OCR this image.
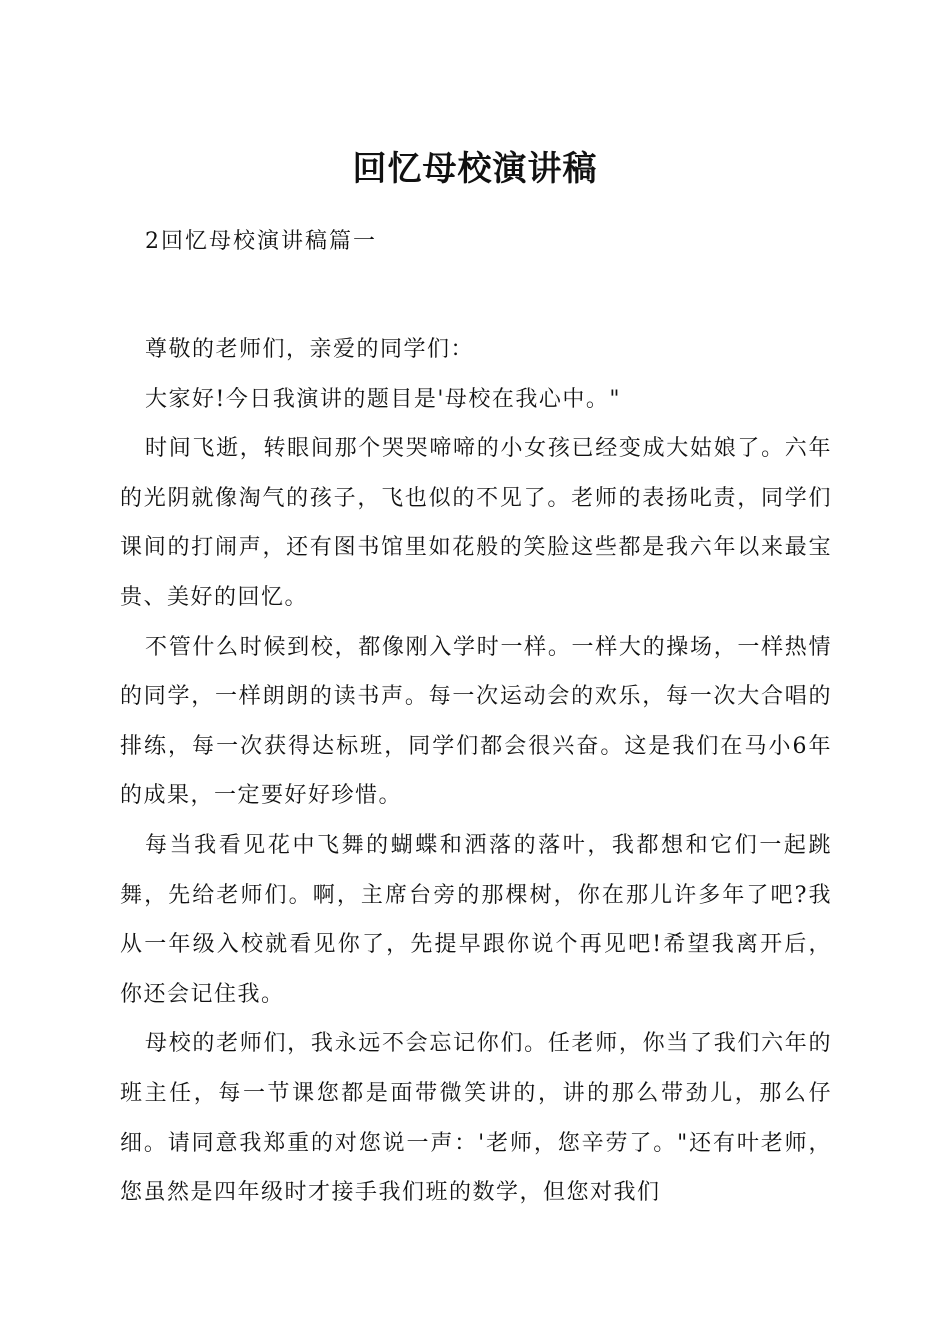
回忆母校演讲稿

2回忆母校演讲稿篇一

尊敬的老师们，亲爱的同学们：

大家好!今日我演讲的题目是'母校在我心中。"

时间飞逝，转眼间那个哭哭啼啼的小女孩已经变成大姑娘了。六年的光阴就像淘气的孩子，飞也似的不见了。老师的表扬叱责，同学们课间的打闹声，还有图书馆里如花般的笑脸这些都是我六年以来最宝贵、美好的回忆。

不管什么时候到校，都像刚入学时一样。一样大的操场，一样热情的同学，一样朗朗的读书声。每一次运动会的欢乐，每一次大合唱的排练，每一次获得达标班，同学们都会很兴奋。这是我们在马小6年的成果，一定要好好珍惜。

每当我看见花中飞舞的蝴蝶和洒落的落叶，我都想和它们一起跳舞，先给老师们。啊，主席台旁的那棵树，你在那儿许多年了吧?我从一年级入校就看见你了，先提早跟你说个再见吧!希望我离开后，你还会记住我。

母校的老师们，我永远不会忘记你们。任老师，你当了我们六年的班主任，每一节课您都是面带微笑讲的，讲的那么带劲儿，那么仔细。请同意我郑重的对您说一声：'老师，您辛劳了。"还有叶老师，您虽然是四年级时才接手我们班的数学，但您对我们
